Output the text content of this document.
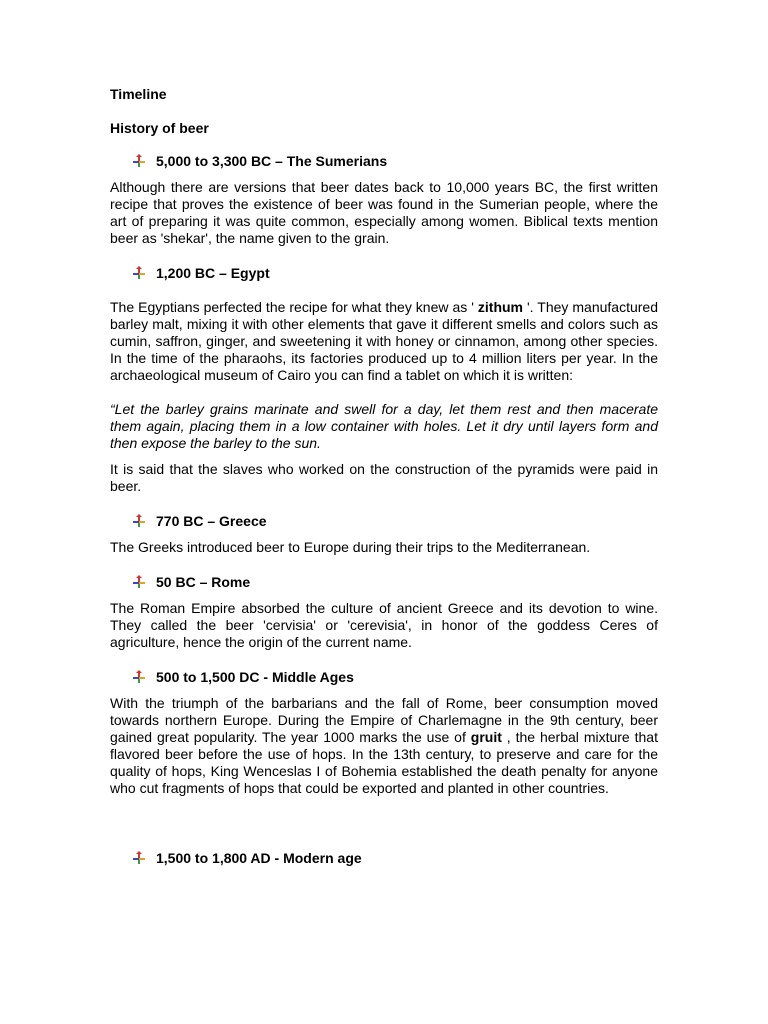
Timeline

History of beer

5,000 to 3,300 BC – The Sumerians

Although there are versions that beer dates back to 10,000 years BC, the first written recipe that proves the existence of beer was found in the Sumerian people, where the art of preparing it was quite common, especially among women. Biblical texts mention beer as 'shekar', the name given to the grain.

1,200 BC – Egypt

The Egyptians perfected the recipe for what they knew as ' zithum '. They manufactured barley malt, mixing it with other elements that gave it different smells and colors such as cumin, saffron, ginger, and sweetening it with honey or cinnamon, among other species. In the time of the pharaohs, its factories produced up to 4 million liters per year. In the archaeological museum of Cairo you can find a tablet on which it is written:

“Let the barley grains marinate and swell for a day, let them rest and then macerate them again, placing them in a low container with holes. Let it dry until layers form and then expose the barley to the sun.

It is said that the slaves who worked on the construction of the pyramids were paid in beer.

770 BC – Greece

The Greeks introduced beer to Europe during their trips to the Mediterranean.

50 BC – Rome

The Roman Empire absorbed the culture of ancient Greece and its devotion to wine. They called the beer 'cervisia' or 'cerevisia', in honor of the goddess Ceres of agriculture, hence the origin of the current name.

500 to 1,500 DC - Middle Ages

With the triumph of the barbarians and the fall of Rome, beer consumption moved towards northern Europe. During the Empire of Charlemagne in the 9th century, beer gained great popularity. The year 1000 marks the use of gruit , the herbal mixture that flavored beer before the use of hops. In the 13th century, to preserve and care for the quality of hops, King Wenceslas I of Bohemia established the death penalty for anyone who cut fragments of hops that could be exported and planted in other countries.

1,500 to 1,800 AD - Modern age
